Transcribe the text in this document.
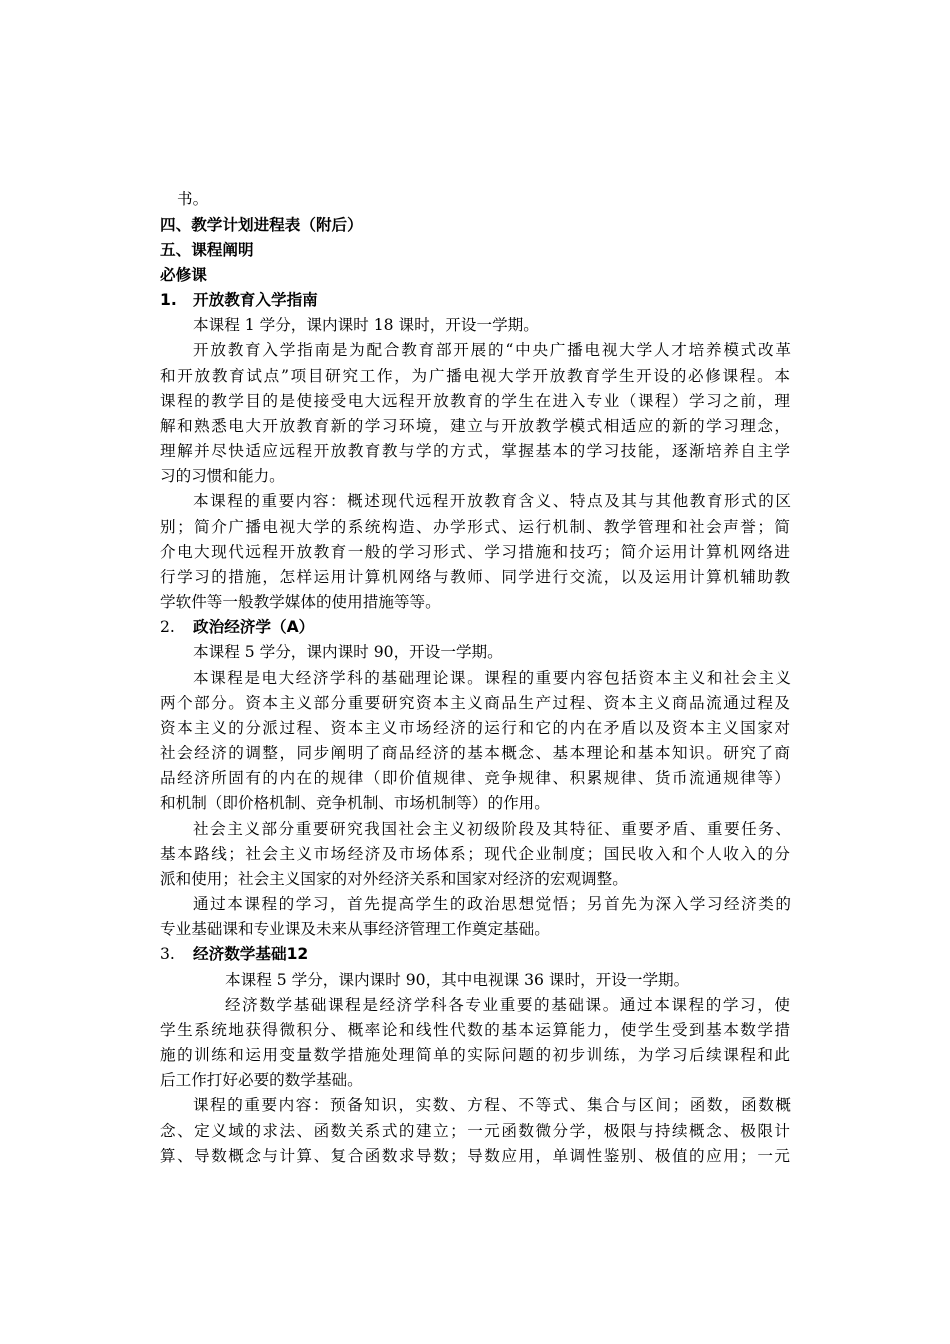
书。
四、教学计划进程表（附后）
五、课程阐明
必修课
1. 开放教育入学指南
本课程 1 学分，课内课时 18 课时，开设一学期。
开放教育入学指南是为配合教育部开展的“中央广播电视大学人才培养模式改革
和开放教育试点”项目研究工作，为广播电视大学开放教育学生开设的必修课程。本
课程的教学目的是使接受电大远程开放教育的学生在进入专业（课程）学习之前，理
解和熟悉电大开放教育新的学习环境，建立与开放教学模式相适应的新的学习理念，
理解并尽快适应远程开放教育教与学的方式，掌握基本的学习技能，逐渐培养自主学
习的习惯和能力。
本课程的重要内容：概述现代远程开放教育含义、特点及其与其他教育形式的区
别；简介广播电视大学的系统构造、办学形式、运行机制、教学管理和社会声誉；简
介电大现代远程开放教育一般的学习形式、学习措施和技巧；简介运用计算机网络进
行学习的措施，怎样运用计算机网络与教师、同学进行交流，以及运用计算机辅助教
学软件等一般教学媒体的使用措施等等。
2. 政治经济学（A）
本课程 5 学分，课内课时 90，开设一学期。
本课程是电大经济学科的基础理论课。课程的重要内容包括资本主义和社会主义
两个部分。资本主义部分重要研究资本主义商品生产过程、资本主义商品流通过程及
资本主义的分派过程、资本主义市场经济的运行和它的内在矛盾以及资本主义国家对
社会经济的调整，同步阐明了商品经济的基本概念、基本理论和基本知识。研究了商
品经济所固有的内在的规律（即价值规律、竞争规律、积累规律、货币流通规律等）
和机制（即价格机制、竞争机制、市场机制等）的作用。
社会主义部分重要研究我国社会主义初级阶段及其特征、重要矛盾、重要任务、
基本路线；社会主义市场经济及市场体系；现代企业制度；国民收入和个人收入的分
派和使用；社会主义国家的对外经济关系和国家对经济的宏观调整。
通过本课程的学习，首先提高学生的政治思想觉悟；另首先为深入学习经济类的
专业基础课和专业课及未来从事经济管理工作奠定基础。
3. 经济数学基础12
本课程 5 学分，课内课时 90，其中电视课 36 课时，开设一学期。
经济数学基础课程是经济学科各专业重要的基础课。通过本课程的学习，使
学生系统地获得微积分、概率论和线性代数的基本运算能力，使学生受到基本数学措
施的训练和运用变量数学措施处理简单的实际问题的初步训练，为学习后续课程和此
后工作打好必要的数学基础。
课程的重要内容：预备知识，实数、方程、不等式、集合与区间；函数，函数概
念、定义域的求法、函数关系式的建立；一元函数微分学，极限与持续概念、极限计
算、导数概念与计算、复合函数求导数；导数应用，单调性鉴别、极值的应用；一元
